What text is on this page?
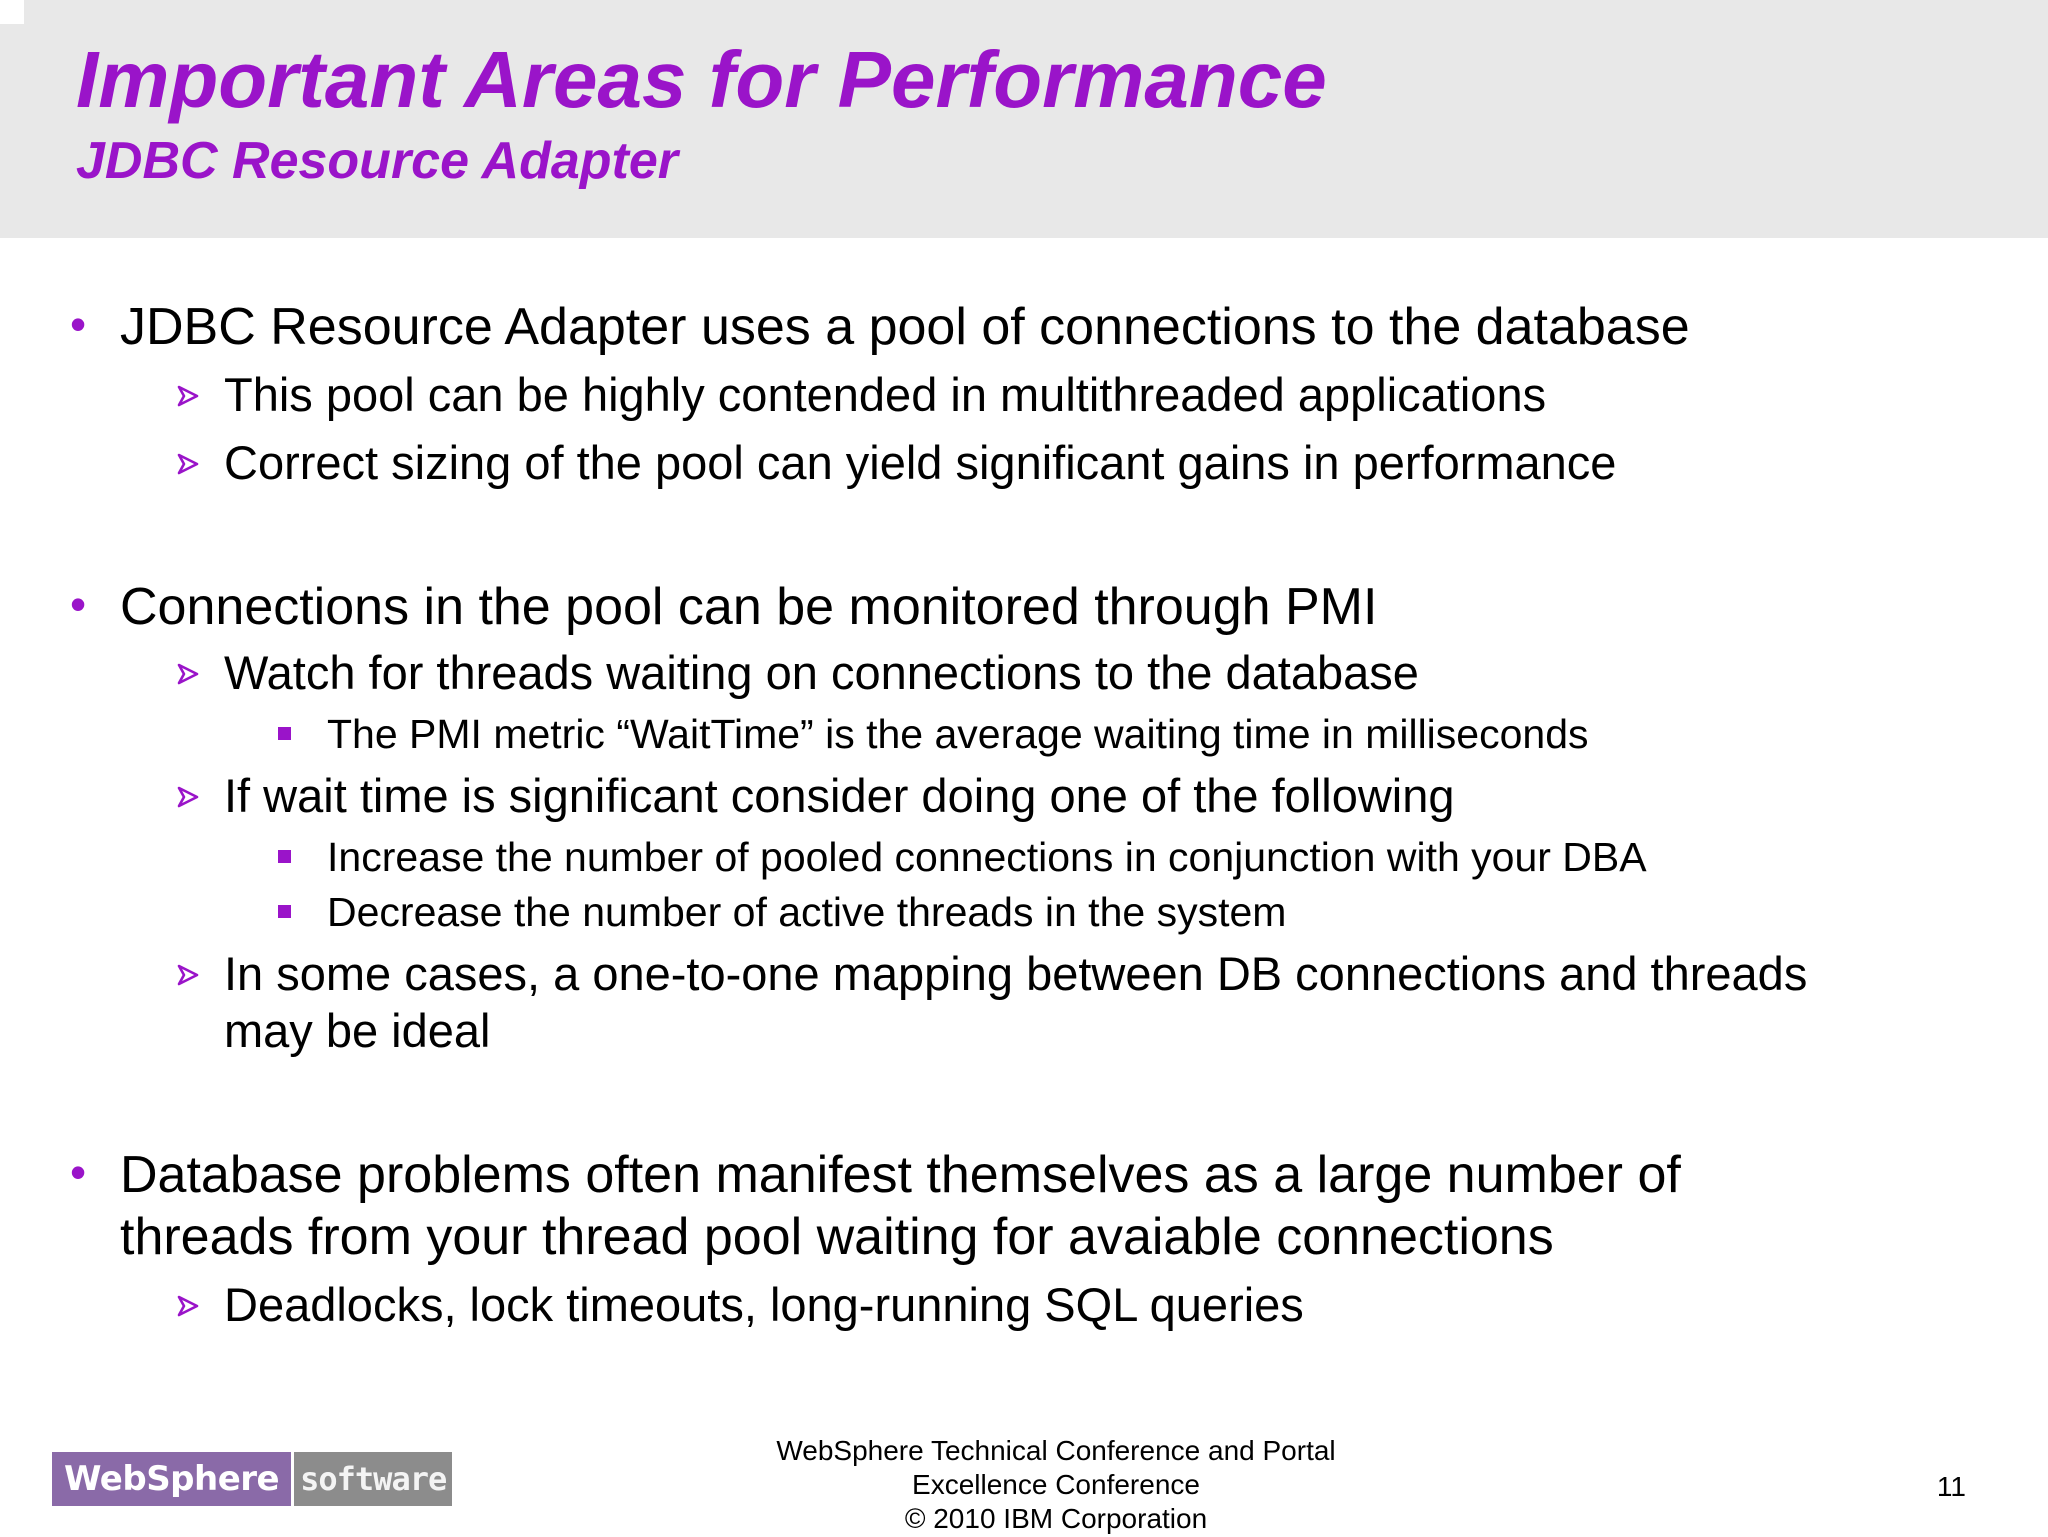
Important Areas for Performance
JDBC Resource Adapter
• JDBC Resource Adapter uses a pool of connections to the database
This pool can be highly contended in multithreaded applications
Correct sizing of the pool can yield significant gains in performance
• Connections in the pool can be monitored through PMI
Watch for threads waiting on connections to the database
The PMI metric “WaitTime” is the average waiting time in milliseconds
If wait time is significant consider doing one of the following
Increase the number of pooled connections in conjunction with your DBA
Decrease the number of active threads in the system
In some cases, a one-to-one mapping between DB connections and threads
may be ideal
• Database problems often manifest themselves as a large number of
threads from your thread pool waiting for avaiable connections
Deadlocks, lock timeouts, long-running SQL queries
WebSphere software
WebSphere Technical Conference and Portal
Excellence Conference
© 2010 IBM Corporation
11
